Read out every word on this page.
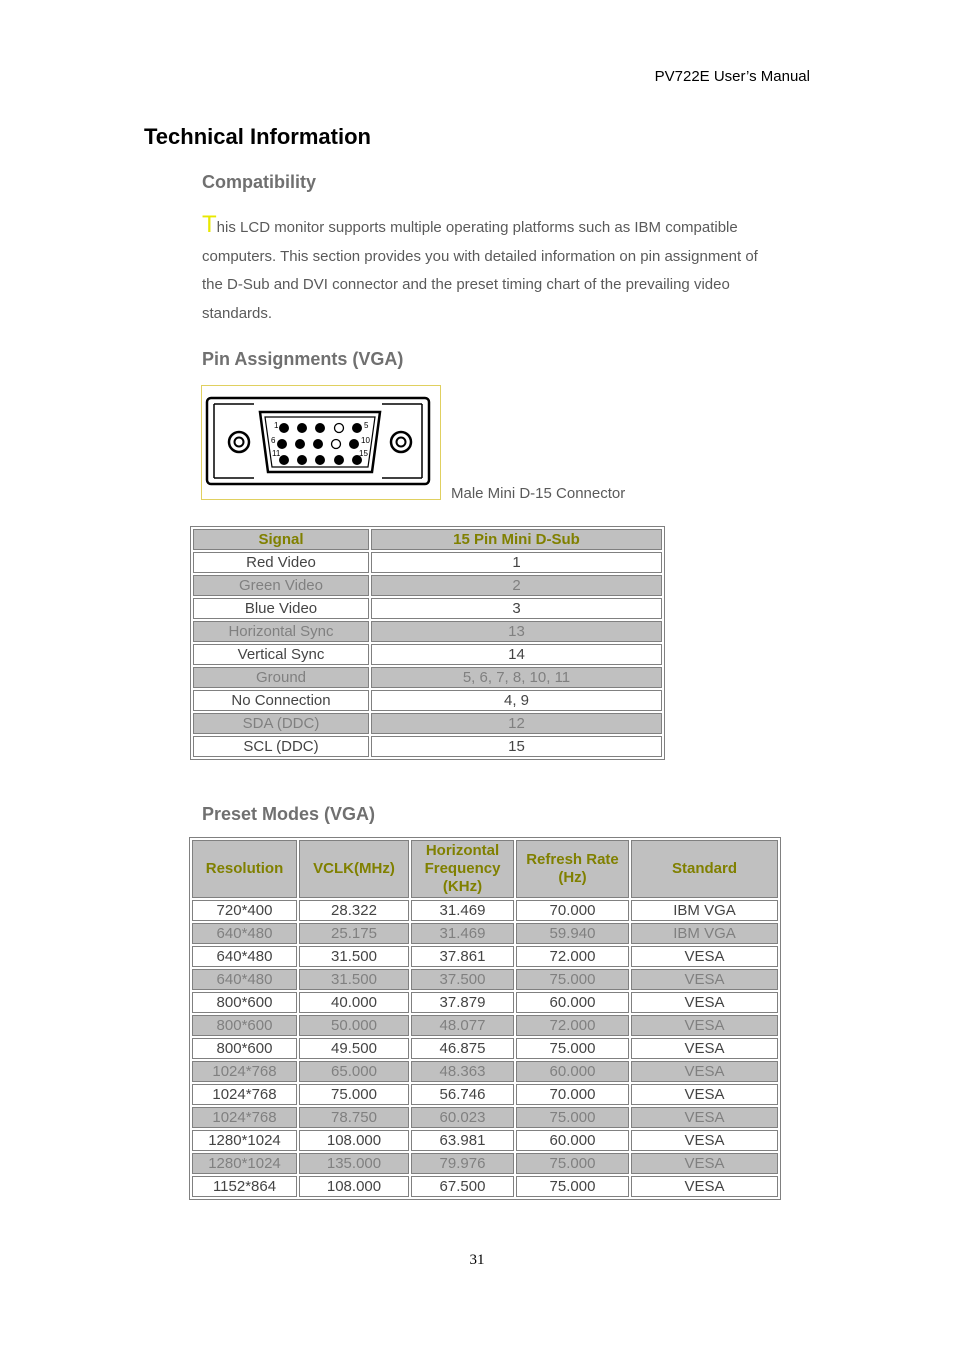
PV722E User’s Manual
Technical Information
Compatibility
This LCD monitor supports multiple operating platforms such as IBM compatible computers. This section provides you with detailed information on pin assignment of the D-Sub and DVI connector and the preset timing chart of the prevailing video standards.
Pin Assignments (VGA)
1	5
6	10
11	15
Male Mini D-15 Connector
Signal	15 Pin Mini D-Sub
Red Video	1
Green Video	2
Blue Video	3
Horizontal Sync	13
Vertical Sync	14
Ground	5, 6, 7, 8, 10, 11
No Connection	4, 9
SDA (DDC)	12
SCL (DDC)	15
Preset Modes (VGA)
Resolution	VCLK(MHz)	Horizontal Frequency (KHz)	Refresh Rate (Hz)	Standard
720*400	28.322	31.469	70.000	IBM VGA
640*480	25.175	31.469	59.940	IBM VGA
640*480	31.500	37.861	72.000	VESA
640*480	31.500	37.500	75.000	VESA
800*600	40.000	37.879	60.000	VESA
800*600	50.000	48.077	72.000	VESA
800*600	49.500	46.875	75.000	VESA
1024*768	65.000	48.363	60.000	VESA
1024*768	75.000	56.746	70.000	VESA
1024*768	78.750	60.023	75.000	VESA
1280*1024	108.000	63.981	60.000	VESA
1280*1024	135.000	79.976	75.000	VESA
1152*864	108.000	67.500	75.000	VESA
31
